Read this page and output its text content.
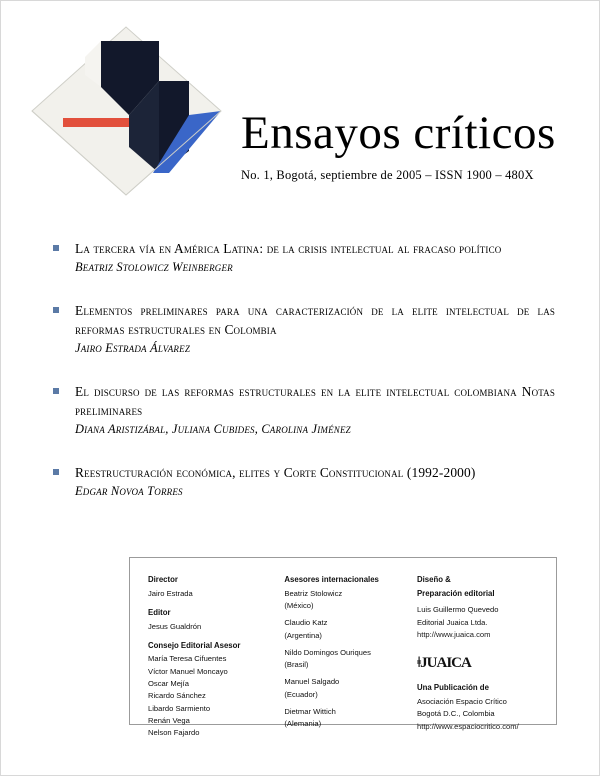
Ensayos críticos
No. 1, Bogotá, septiembre de 2005 – ISSN 1900 – 480X
La tercera vía en América Latina: de la crisis intelectual al fracaso político
Beatriz Stolowicz Weinberger
Elementos preliminares para una caracterización de la elite intelectual de las reformas estructurales en Colombia
Jairo Estrada Álvarez
El discurso de las reformas estructurales en la elite intelectual colombiana Notas preliminares
Diana Aristizábal, Juliana Cubides, Carolina Jiménez
Reestructuración económica, elites y Corte Constitucional (1992-2000)
Edgar Novoa Torres
Director
Jairo Estrada
Editor
Jesus Gualdrón
Consejo Editorial Asesor
María Teresa Cifuentes
Víctor Manuel Moncayo
Oscar Mejía
Ricardo Sánchez
Libardo Sarmiento
Renán Vega
Nelson Fajardo
Asesores internacionales
Beatriz Stolowicz
(México)
Claudio Katz
(Argentina)
Nildo Domingos Ouriques
(Brasil)
Manuel Salgado
(Ecuador)
Dietmar Wittich
(Alemania)
Diseño &
Preparación editorial
Luis Guillermo Quevedo
Editorial Juaica Ltda.
http://www.juaica.com
ǂJUAICA
Una Publicación de
Asociación Espacio Crítico
Bogotá D.C., Colombia
http://www.espaciocritico.com/
